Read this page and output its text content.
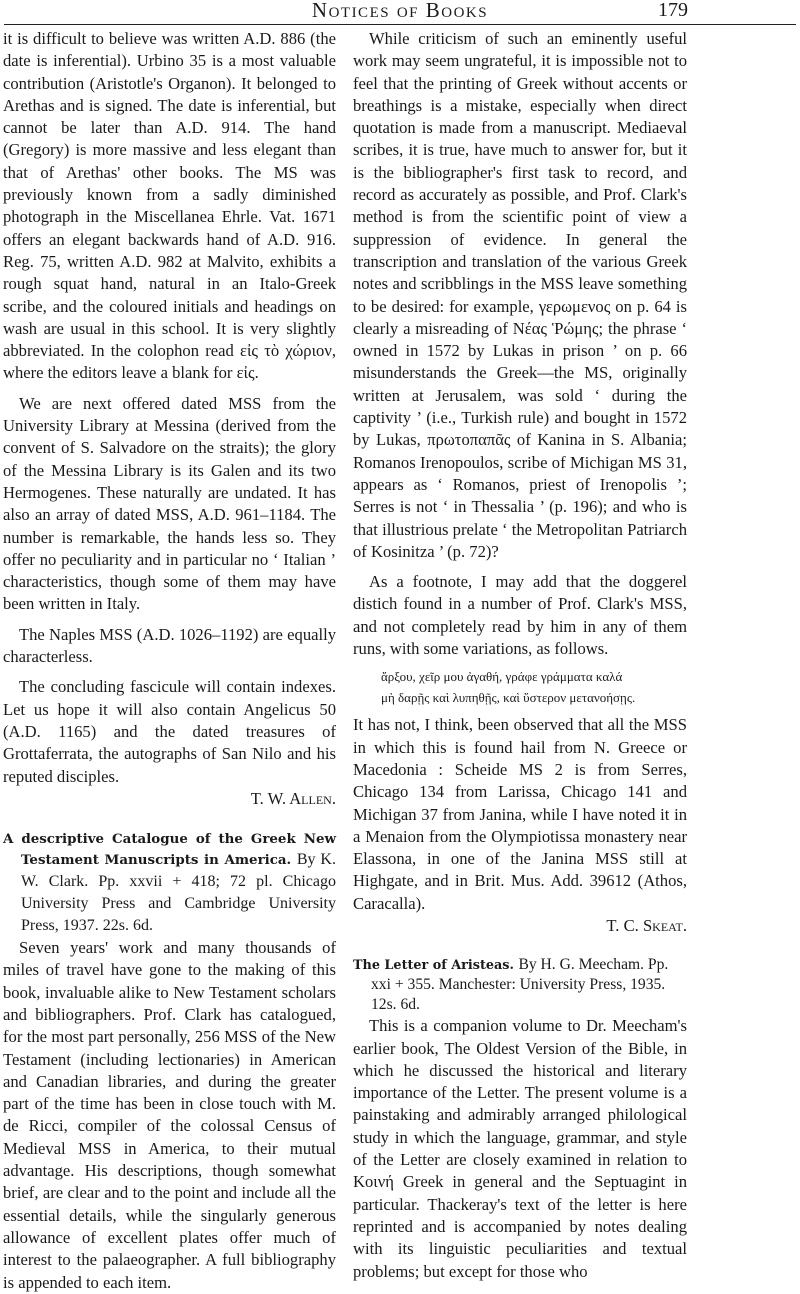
Notices of Books	179

it is difficult to believe was written A.D. 886 (the date is inferential). Urbino 35 is a most valuable contribution (Aristotle's Organon). It belonged to Arethas and is signed. The date is inferential, but cannot be later than A.D. 914. The hand (Gregory) is more massive and less elegant than that of Arethas' other books. The MS was previously known from a sadly diminished photograph in the Miscellanea Ehrle. Vat. 1671 offers an elegant backwards hand of A.D. 916. Reg. 75, written A.D. 982 at Malvito, exhibits a rough squat hand, natural in an Italo-Greek scribe, and the coloured initials and headings on wash are usual in this school. It is very slightly abbreviated. In the colophon read εἰς τὸ χώριον, where the editors leave a blank for εἰς.

We are next offered dated MSS from the University Library at Messina (derived from the convent of S. Salvadore on the straits); the glory of the Messina Library is its Galen and its two Hermogenes. These naturally are undated. It has also an array of dated MSS, A.D. 961–1184. The number is remarkable, the hands less so. They offer no peculiarity and in particular no ‘ Italian ’ characteristics, though some of them may have been written in Italy.

The Naples MSS (A.D. 1026–1192) are equally characterless.

The concluding fascicule will contain indexes. Let us hope it will also contain Angelicus 50 (A.D. 1165) and the dated treasures of Grottaferrata, the autographs of San Nilo and his reputed disciples.

T. W. Allen.

A descriptive Catalogue of the Greek New Testament Manuscripts in America. By K. W. Clark. Pp. xxvii + 418; 72 pl. Chicago University Press and Cambridge University Press, 1937. 22s. 6d.

Seven years' work and many thousands of miles of travel have gone to the making of this book, invaluable alike to New Testament scholars and bibliographers. Prof. Clark has catalogued, for the most part personally, 256 MSS of the New Testament (including lectionaries) in American and Canadian libraries, and during the greater part of the time has been in close touch with M. de Ricci, compiler of the colossal Census of Medieval MSS in America, to their mutual advantage. His descriptions, though somewhat brief, are clear and to the point and include all the essential details, while the singularly generous allowance of excellent plates offer much of interest to the palaeographer. A full bibliography is appended to each item.

While criticism of such an eminently useful work may seem ungrateful, it is impossible not to feel that the printing of Greek without accents or breathings is a mistake, especially when direct quotation is made from a manuscript. Mediaeval scribes, it is true, have much to answer for, but it is the bibliographer's first task to record, and record as accurately as possible, and Prof. Clark's method is from the scientific point of view a suppression of evidence. In general the transcription and translation of the various Greek notes and scribblings in the MSS leave something to be desired: for example, γερωμενος on p. 64 is clearly a misreading of Νέας Ῥώμης; the phrase ‘ owned in 1572 by Lukas in prison ’ on p. 66 misunderstands the Greek—the MS, originally written at Jerusalem, was sold ‘ during the captivity ’ (i.e., Turkish rule) and bought in 1572 by Lukas, πρωτοπαπᾶς of Kanina in S. Albania; Romanos Irenopoulos, scribe of Michigan MS 31, appears as ‘ Romanos, priest of Irenopolis ’; Serres is not ‘ in Thessalia ’ (p. 196); and who is that illustrious prelate ‘ the Metropolitan Patriarch of Kosinitza ’ (p. 72)?

As a footnote, I may add that the doggerel distich found in a number of Prof. Clark's MSS, and not completely read by him in any of them runs, with some variations, as follows.

ἄρξου, χεῖρ μου ἀγαθή, γράφε γράμματα καλά
μὴ δαρῇς καὶ λυπηθῇς, καὶ ὕστερον μετανοήσῃς.

It has not, I think, been observed that all the MSS in which this is found hail from N. Greece or Macedonia : Scheide MS 2 is from Serres, Chicago 134 from Larissa, Chicago 141 and Michigan 37 from Janina, while I have noted it in a Menaion from the Olympiotissa monastery near Elassona, in one of the Janina MSS still at Highgate, and in Brit. Mus. Add. 39612 (Athos, Caracalla).

T. C. Skeat.

The Letter of Aristeas. By H. G. Meecham. Pp. xxi + 355. Manchester: University Press, 1935. 12s. 6d.

This is a companion volume to Dr. Meecham's earlier book, The Oldest Version of the Bible, in which he discussed the historical and literary importance of the Letter. The present volume is a painstaking and admirably arranged philological study in which the language, grammar, and style of the Letter are closely examined in relation to Κοινή Greek in general and the Septuagint in particular. Thackeray's text of the letter is here reprinted and is accompanied by notes dealing with its linguistic peculiarities and textual problems; but except for those who
